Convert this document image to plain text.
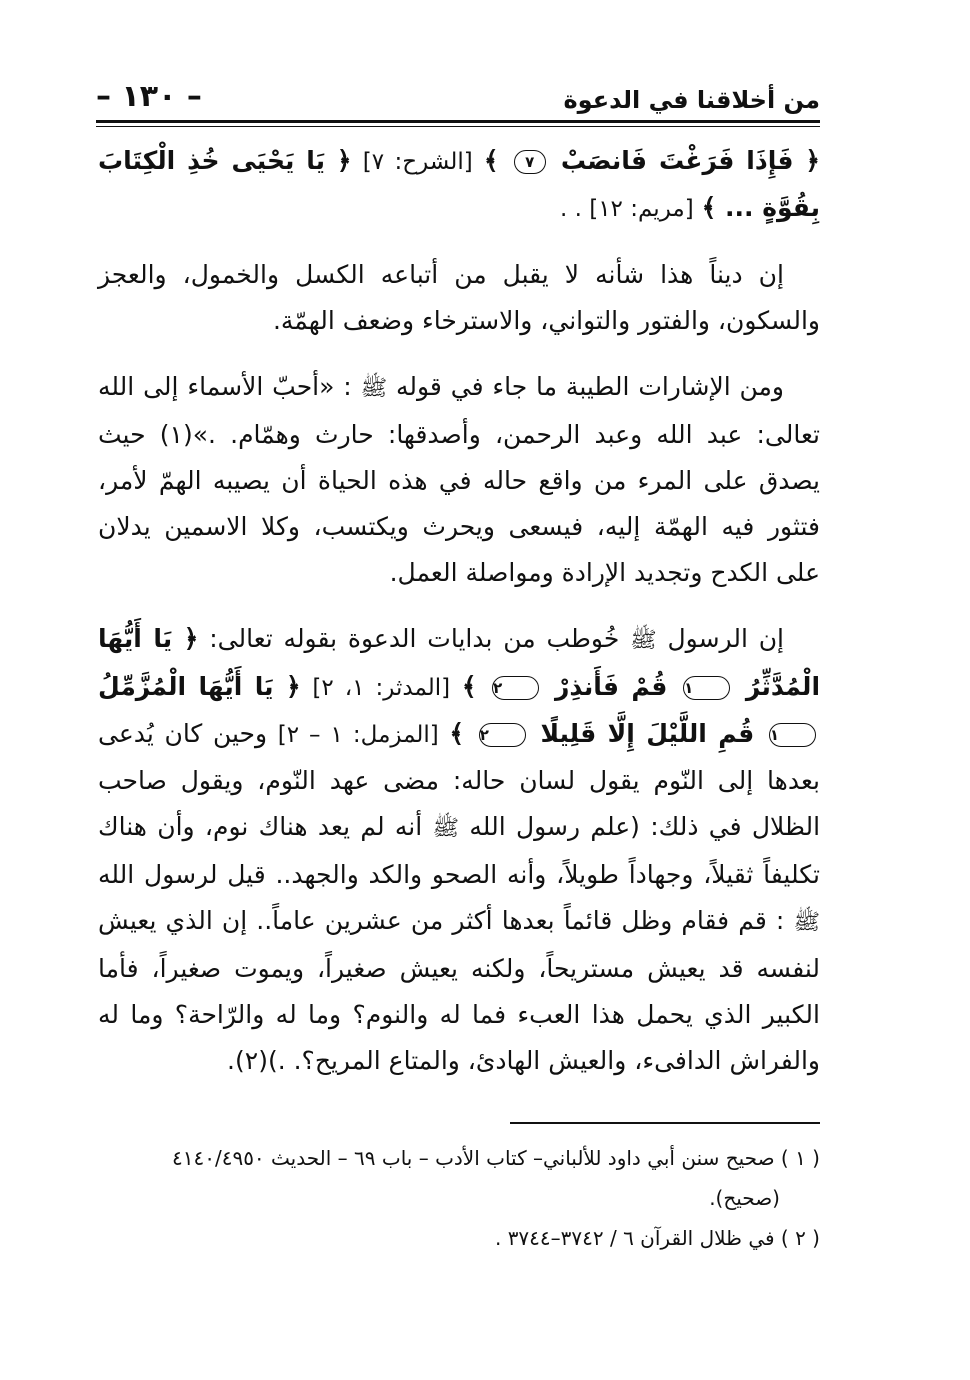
من أخلاقنا في الدعوة
– ١٣٠ –

﴿ فَإِذَا فَرَغْتَ فَانصَبْ ٧ ﴾ [الشرح: ٧] ﴿ يَا يَحْيَى خُذِ الْكِتَابَ بِقُوَّةٍ ... ﴾ [مريم: ١٢] . .

إن ديناً هذا شأنه لا يقبل من أتباعه الكسل والخمول، والعجز والسكون، والفتور والتواني، والاسترخاء وضعف الهمّة.

ومن الإشارات الطيبة ما جاء في قوله ﷺ : «أحبّ الأسماء إلى الله تعالى: عبد الله وعبد الرحمن، وأصدقها: حارث وهمّام. .»(١) حيث يصدق على المرء من واقع حاله في هذه الحياة أن يصيبه الهمّ لأمر، فتثور فيه الهمّة إليه، فيسعى ويحرث ويكتسب، وكلا الاسمين يدلان على الكدح وتجديد الإرادة ومواصلة العمل.

إن الرسول ﷺ خُوطب من بدايات الدعوة بقوله تعالى: ﴿ يَا أَيُّهَا الْمُدَّثِّرُ ١ قُمْ فَأَنذِرْ ٢ ﴾ [المدثر: ١، ٢] ﴿ يَا أَيُّهَا الْمُزَّمِّلُ ١ قُمِ اللَّيْلَ إِلَّا قَلِيلًا ٢ ﴾ [المزمل: ١ – ٢] وحين كان يُدعى بعدها إلى النّوم يقول لسان حاله: مضى عهد النّوم، ويقول صاحب الظلال في ذلك: (علم رسول الله ﷺ أنه لم يعد هناك نوم، وأن هناك تكليفاً ثقيلاً، وجهاداً طويلاً، وأنه الصحو والكد والجهد.. قيل لرسول الله ﷺ : قم فقام وظل قائماً بعدها أكثر من عشرين عاماً.. إن الذي يعيش لنفسه قد يعيش مستريحاً، ولكنه يعيش صغيراً، ويموت صغيراً، فأما الكبير الذي يحمل هذا العبء فما له والنوم؟ وما له والرّاحة؟ وما له والفراش الدافىء، والعيش الهادئ، والمتاع المريح؟. .)(٢).

( ١ ) صحيح سنن أبي داود للألباني– كتاب الأدب – باب ٦٩ – الحديث ٤١٤٠/٤٩٥٠
(صحيح).
( ٢ ) في ظلال القرآن ٦ / ٣٧٤٢–٣٧٤٤ .
